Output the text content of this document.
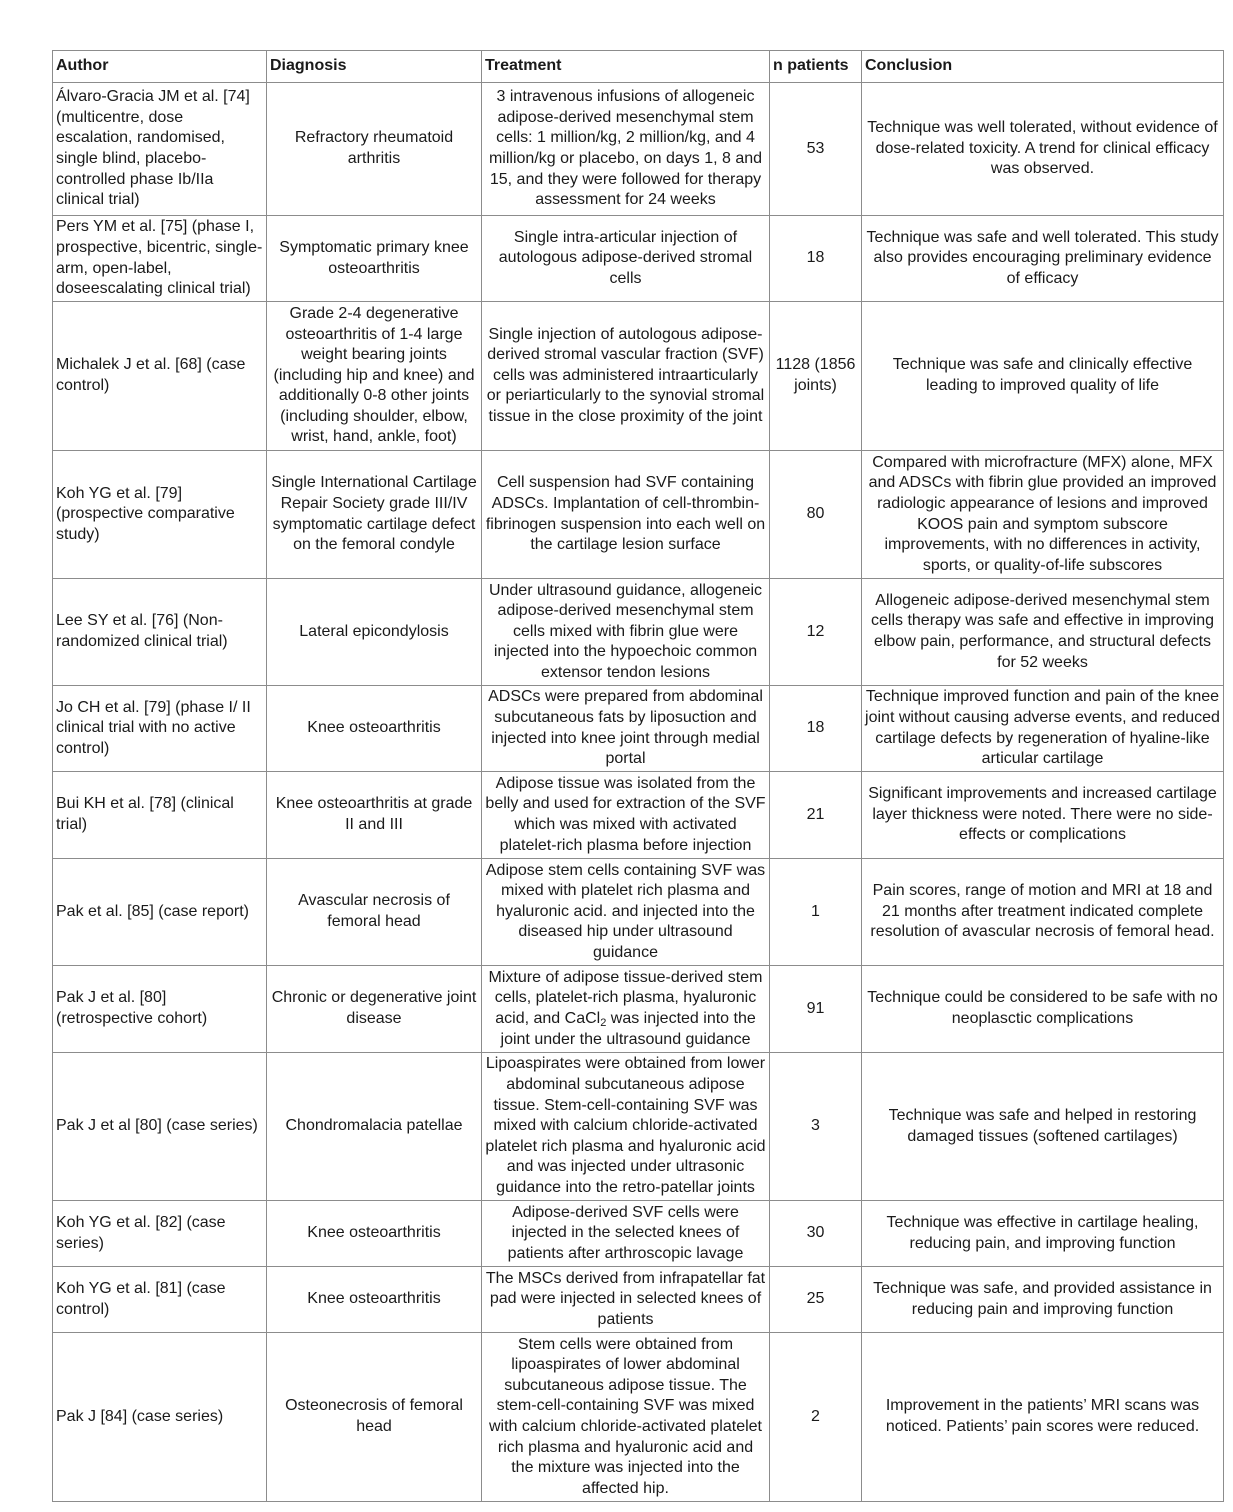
Author	Diagnosis	Treatment	n patients	Conclusion
Álvaro-Gracia JM et al. [74] (multicentre, dose escalation, randomised, single blind, placebo-controlled phase Ib/IIa clinical trial)	Refractory rheumatoid arthritis	3 intravenous infusions of allogeneic adipose-derived mesenchymal stem cells: 1 million/kg, 2 million/kg, and 4 million/kg or placebo, on days 1, 8 and 15, and they were followed for therapy assessment for 24 weeks	53	Technique was well tolerated, without evidence of dose-related toxicity. A trend for clinical efficacy was observed.
Pers YM et al. [75] (phase I, prospective, bicentric, single-arm, open-label, doseescalating clinical trial)	Symptomatic primary knee osteoarthritis	Single intra-articular injection of autologous adipose-derived stromal cells	18	Technique was safe and well tolerated. This study also provides encouraging preliminary evidence of efficacy
Michalek J et al. [68] (case control)	Grade 2-4 degenerative osteoarthritis of 1-4 large weight bearing joints (including hip and knee) and additionally 0-8 other joints (including shoulder, elbow, wrist, hand, ankle, foot)	Single injection of autologous adipose-derived stromal vascular fraction (SVF) cells was administered intraarticularly or periarticularly to the synovial stromal tissue in the close proximity of the joint	1128 (1856 joints)	Technique was safe and clinically effective leading to improved quality of life
Koh YG et al. [79] (prospective comparative study)	Single International Cartilage Repair Society grade III/IV symptomatic cartilage defect on the femoral condyle	Cell suspension had SVF containing ADSCs. Implantation of cell-thrombin-fibrinogen suspension into each well on the cartilage lesion surface	80	Compared with microfracture (MFX) alone, MFX and ADSCs with fibrin glue provided an improved radiologic appearance of lesions and improved KOOS pain and symptom subscore improvements, with no differences in activity, sports, or quality-of-life subscores
Lee SY et al. [76] (Non-randomized clinical trial)	Lateral epicondylosis	Under ultrasound guidance, allogeneic adipose-derived mesenchymal stem cells mixed with fibrin glue were injected into the hypoechoic common extensor tendon lesions	12	Allogeneic adipose-derived mesenchymal stem cells therapy was safe and effective in improving elbow pain, performance, and structural defects for 52 weeks
Jo CH et al. [79] (phase I/ II clinical trial with no active control)	Knee osteoarthritis	ADSCs were prepared from abdominal subcutaneous fats by liposuction and injected into knee joint through medial portal	18	Technique improved function and pain of the knee joint without causing adverse events, and reduced cartilage defects by regeneration of hyaline-like articular cartilage
Bui KH et al. [78] (clinical trial)	Knee osteoarthritis at grade II and III	Adipose tissue was isolated from the belly and used for extraction of the SVF which was mixed with activated platelet-rich plasma before injection	21	Significant improvements and increased cartilage layer thickness were noted. There were no side-effects or complications
Pak et al. [85] (case report)	Avascular necrosis of femoral head	Adipose stem cells containing SVF was mixed with platelet rich plasma and hyaluronic acid. and injected into the diseased hip under ultrasound guidance	1	Pain scores, range of motion and MRI at 18 and 21 months after treatment indicated complete resolution of avascular necrosis of femoral head.
Pak J et al. [80] (retrospective cohort)	Chronic or degenerative joint disease	Mixture of adipose tissue-derived stem cells, platelet-rich plasma, hyaluronic acid, and CaCl$_2$ was injected into the joint under the ultrasound guidance	91	Technique could be considered to be safe with no neoplasctic complications
Pak J et al [80] (case series)	Chondromalacia patellae	Lipoaspirates were obtained from lower abdominal subcutaneous adipose tissue. Stem-cell-containing SVF was mixed with calcium chloride-activated platelet rich plasma and hyaluronic acid and was injected under ultrasonic guidance into the retro-patellar joints	3	Technique was safe and helped in restoring damaged tissues (softened cartilages)
Koh YG et al. [82] (case series)	Knee osteoarthritis	Adipose-derived SVF cells were injected in the selected knees of patients after arthroscopic lavage	30	Technique was effective in cartilage healing, reducing pain, and improving function
Koh YG et al. [81] (case control)	Knee osteoarthritis	The MSCs derived from infrapatellar fat pad were injected in selected knees of patients	25	Technique was safe, and provided assistance in reducing pain and improving function
Pak J [84] (case series)	Osteonecrosis of femoral head	Stem cells were obtained from lipoaspirates of lower abdominal subcutaneous adipose tissue. The stem-cell-containing SVF was mixed with calcium chloride-activated platelet rich plasma and hyaluronic acid and the mixture was injected into the affected hip.	2	Improvement in the patients’ MRI scans was noticed. Patients’ pain scores were reduced.
